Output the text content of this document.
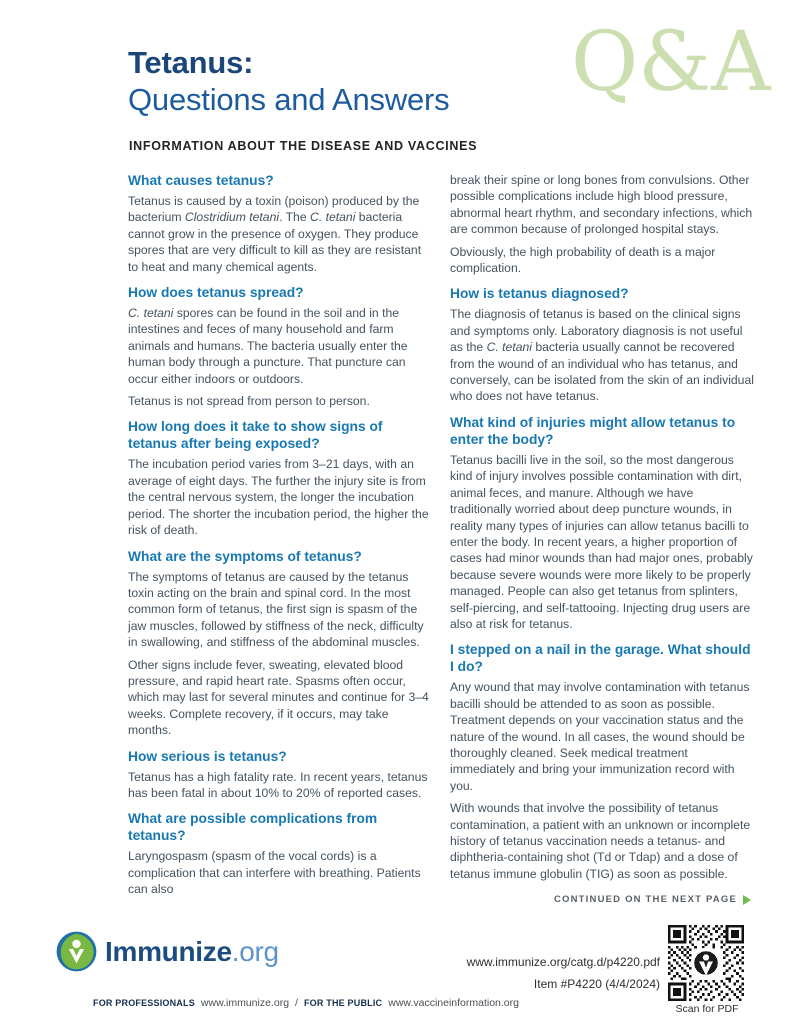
Tetanus:
Questions and Answers Q&A
INFORMATION ABOUT THE DISEASE AND VACCINES
What causes tetanus?

Tetanus is caused by a toxin (poison) produced by the bacterium Clostridium tetani. The C. tetani bacteria cannot grow in the presence of oxygen. They produce spores that are very difficult to kill as they are resistant to heat and many chemical agents.

How does tetanus spread?

C. tetani spores can be found in the soil and in the intestines and feces of many household and farm animals and humans. The bacteria usually enter the human body through a puncture. That puncture can occur either indoors or outdoors.

Tetanus is not spread from person to person.

How long does it take to show signs of tetanus after being exposed?

The incubation period varies from 3–21 days, with an average of eight days. The further the injury site is from the central nervous system, the longer the incubation period. The shorter the incubation period, the higher the risk of death.

What are the symptoms of tetanus?

The symptoms of tetanus are caused by the tetanus toxin acting on the brain and spinal cord. In the most common form of tetanus, the first sign is spasm of the jaw muscles, followed by stiffness of the neck, difficulty in swallowing, and stiffness of the abdominal muscles.

Other signs include fever, sweating, elevated blood pressure, and rapid heart rate. Spasms often occur, which may last for several minutes and continue for 3–4 weeks. Complete recovery, if it occurs, may take months.

How serious is tetanus?

Tetanus has a high fatality rate. In recent years, tetanus has been fatal in about 10% to 20% of reported cases.

What are possible complications from tetanus?

Laryngospasm (spasm of the vocal cords) is a complication that can interfere with breathing. Patients can also

break their spine or long bones from convulsions. Other possible complications include high blood pressure, abnormal heart rhythm, and secondary infections, which are common because of prolonged hospital stays.

Obviously, the high probability of death is a major complication.

How is tetanus diagnosed?

The diagnosis of tetanus is based on the clinical signs and symptoms only. Laboratory diagnosis is not useful as the C. tetani bacteria usually cannot be recovered from the wound of an individual who has tetanus, and conversely, can be isolated from the skin of an individual who does not have tetanus.

What kind of injuries might allow tetanus to enter the body?

Tetanus bacilli live in the soil, so the most dangerous kind of injury involves possible contamination with dirt, animal feces, and manure. Although we have traditionally worried about deep puncture wounds, in reality many types of injuries can allow tetanus bacilli to enter the body. In recent years, a higher proportion of cases had minor wounds than had major ones, probably because severe wounds were more likely to be properly managed. People can also get tetanus from splinters, self-piercing, and self-tattooing. Injecting drug users are also at risk for tetanus.

I stepped on a nail in the garage. What should I do?

Any wound that may involve contamination with tetanus bacilli should be attended to as soon as possible. Treatment depends on your vaccination status and the nature of the wound. In all cases, the wound should be thoroughly cleaned. Seek medical treatment immediately and bring your immunization record with you.

With wounds that involve the possibility of tetanus contamination, a patient with an unknown or incomplete history of tetanus vaccination needs a tetanus- and diphtheria-containing shot (Td or Tdap) and a dose of tetanus immune globulin (TIG) as soon as possible.

CONTINUED ON THE NEXT PAGE
Immunize.org
FOR PROFESSIONALS www.immunize.org / FOR THE PUBLIC www.vaccineinformation.org
www.immunize.org/catg.d/p4220.pdf
Item #P4220 (4/4/2024)
Scan for PDF
